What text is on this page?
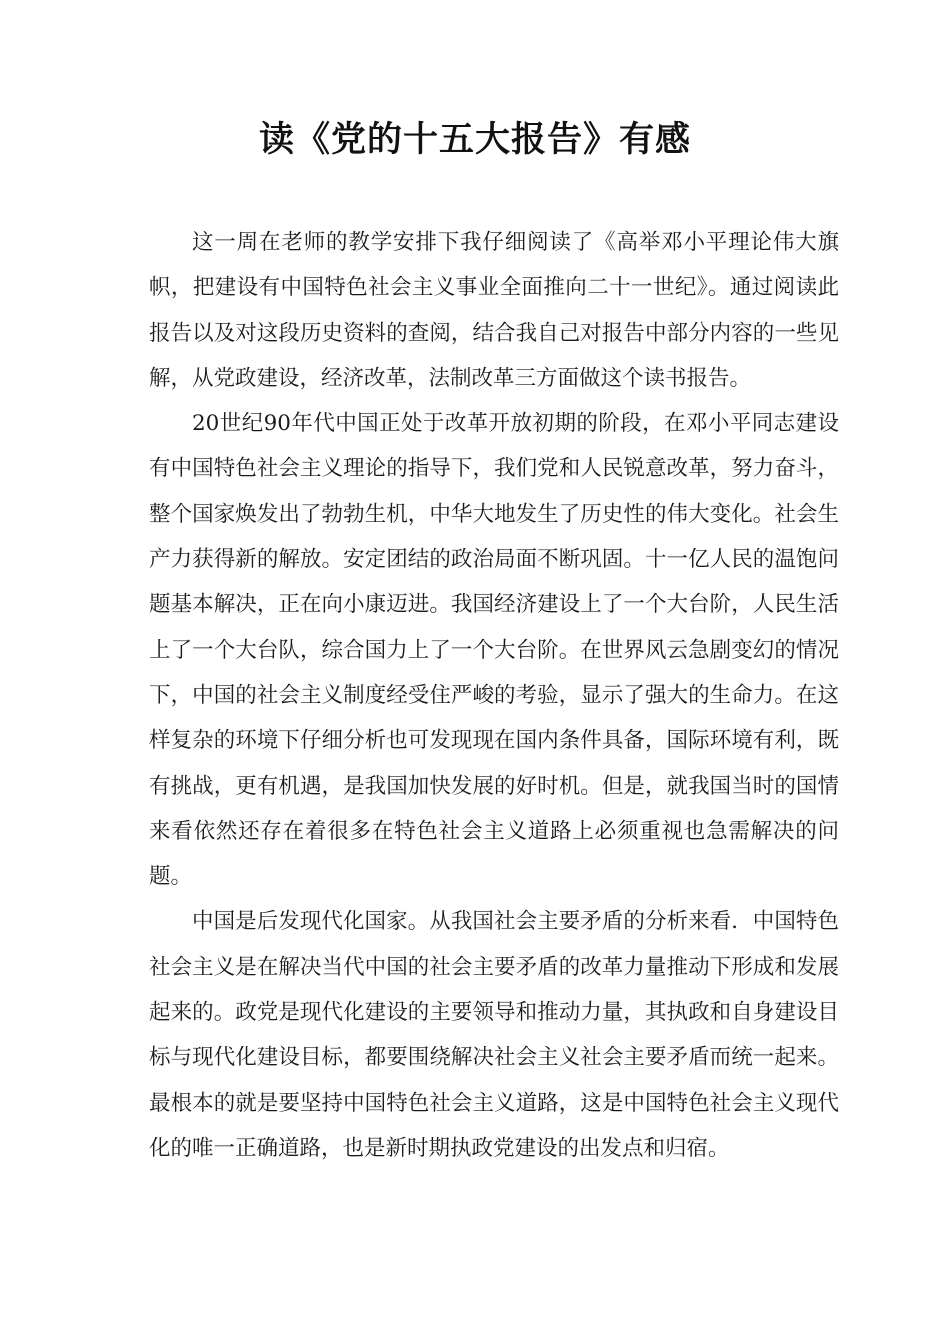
读《党的十五大报告》有感

这一周在老师的教学安排下我仔细阅读了《高举邓小平理论伟大旗帜，把建设有中国特色社会主义事业全面推向二十一世纪》。通过阅读此报告以及对这段历史资料的查阅，结合我自己对报告中部分内容的一些见解，从党政建设，经济改革，法制改革三方面做这个读书报告。

20世纪90年代中国正处于改革开放初期的阶段，在邓小平同志建设有中国特色社会主义理论的指导下，我们党和人民锐意改革，努力奋斗，整个国家焕发出了勃勃生机，中华大地发生了历史性的伟大变化。社会生产力获得新的解放。安定团结的政治局面不断巩固。十一亿人民的温饱问题基本解决，正在向小康迈进。我国经济建设上了一个大台阶，人民生活上了一个大台队，综合国力上了一个大台阶。在世界风云急剧变幻的情况下，中国的社会主义制度经受住严峻的考验，显示了强大的生命力。在这样复杂的环境下仔细分析也可发现现在国内条件具备，国际环境有利，既有挑战，更有机遇，是我国加快发展的好时机。但是，就我国当时的国情来看依然还存在着很多在特色社会主义道路上必须重视也急需解决的问题。

中国是后发现代化国家。从我国社会主要矛盾的分析来看．中国特色社会主义是在解决当代中国的社会主要矛盾的改革力量推动下形成和发展起来的。政党是现代化建设的主要领导和推动力量，其执政和自身建设目标与现代化建设目标，都要围绕解决社会主义社会主要矛盾而统一起来。最根本的就是要坚持中国特色社会主义道路，这是中国特色社会主义现代化的唯一正确道路，也是新时期执政党建设的出发点和归宿。
